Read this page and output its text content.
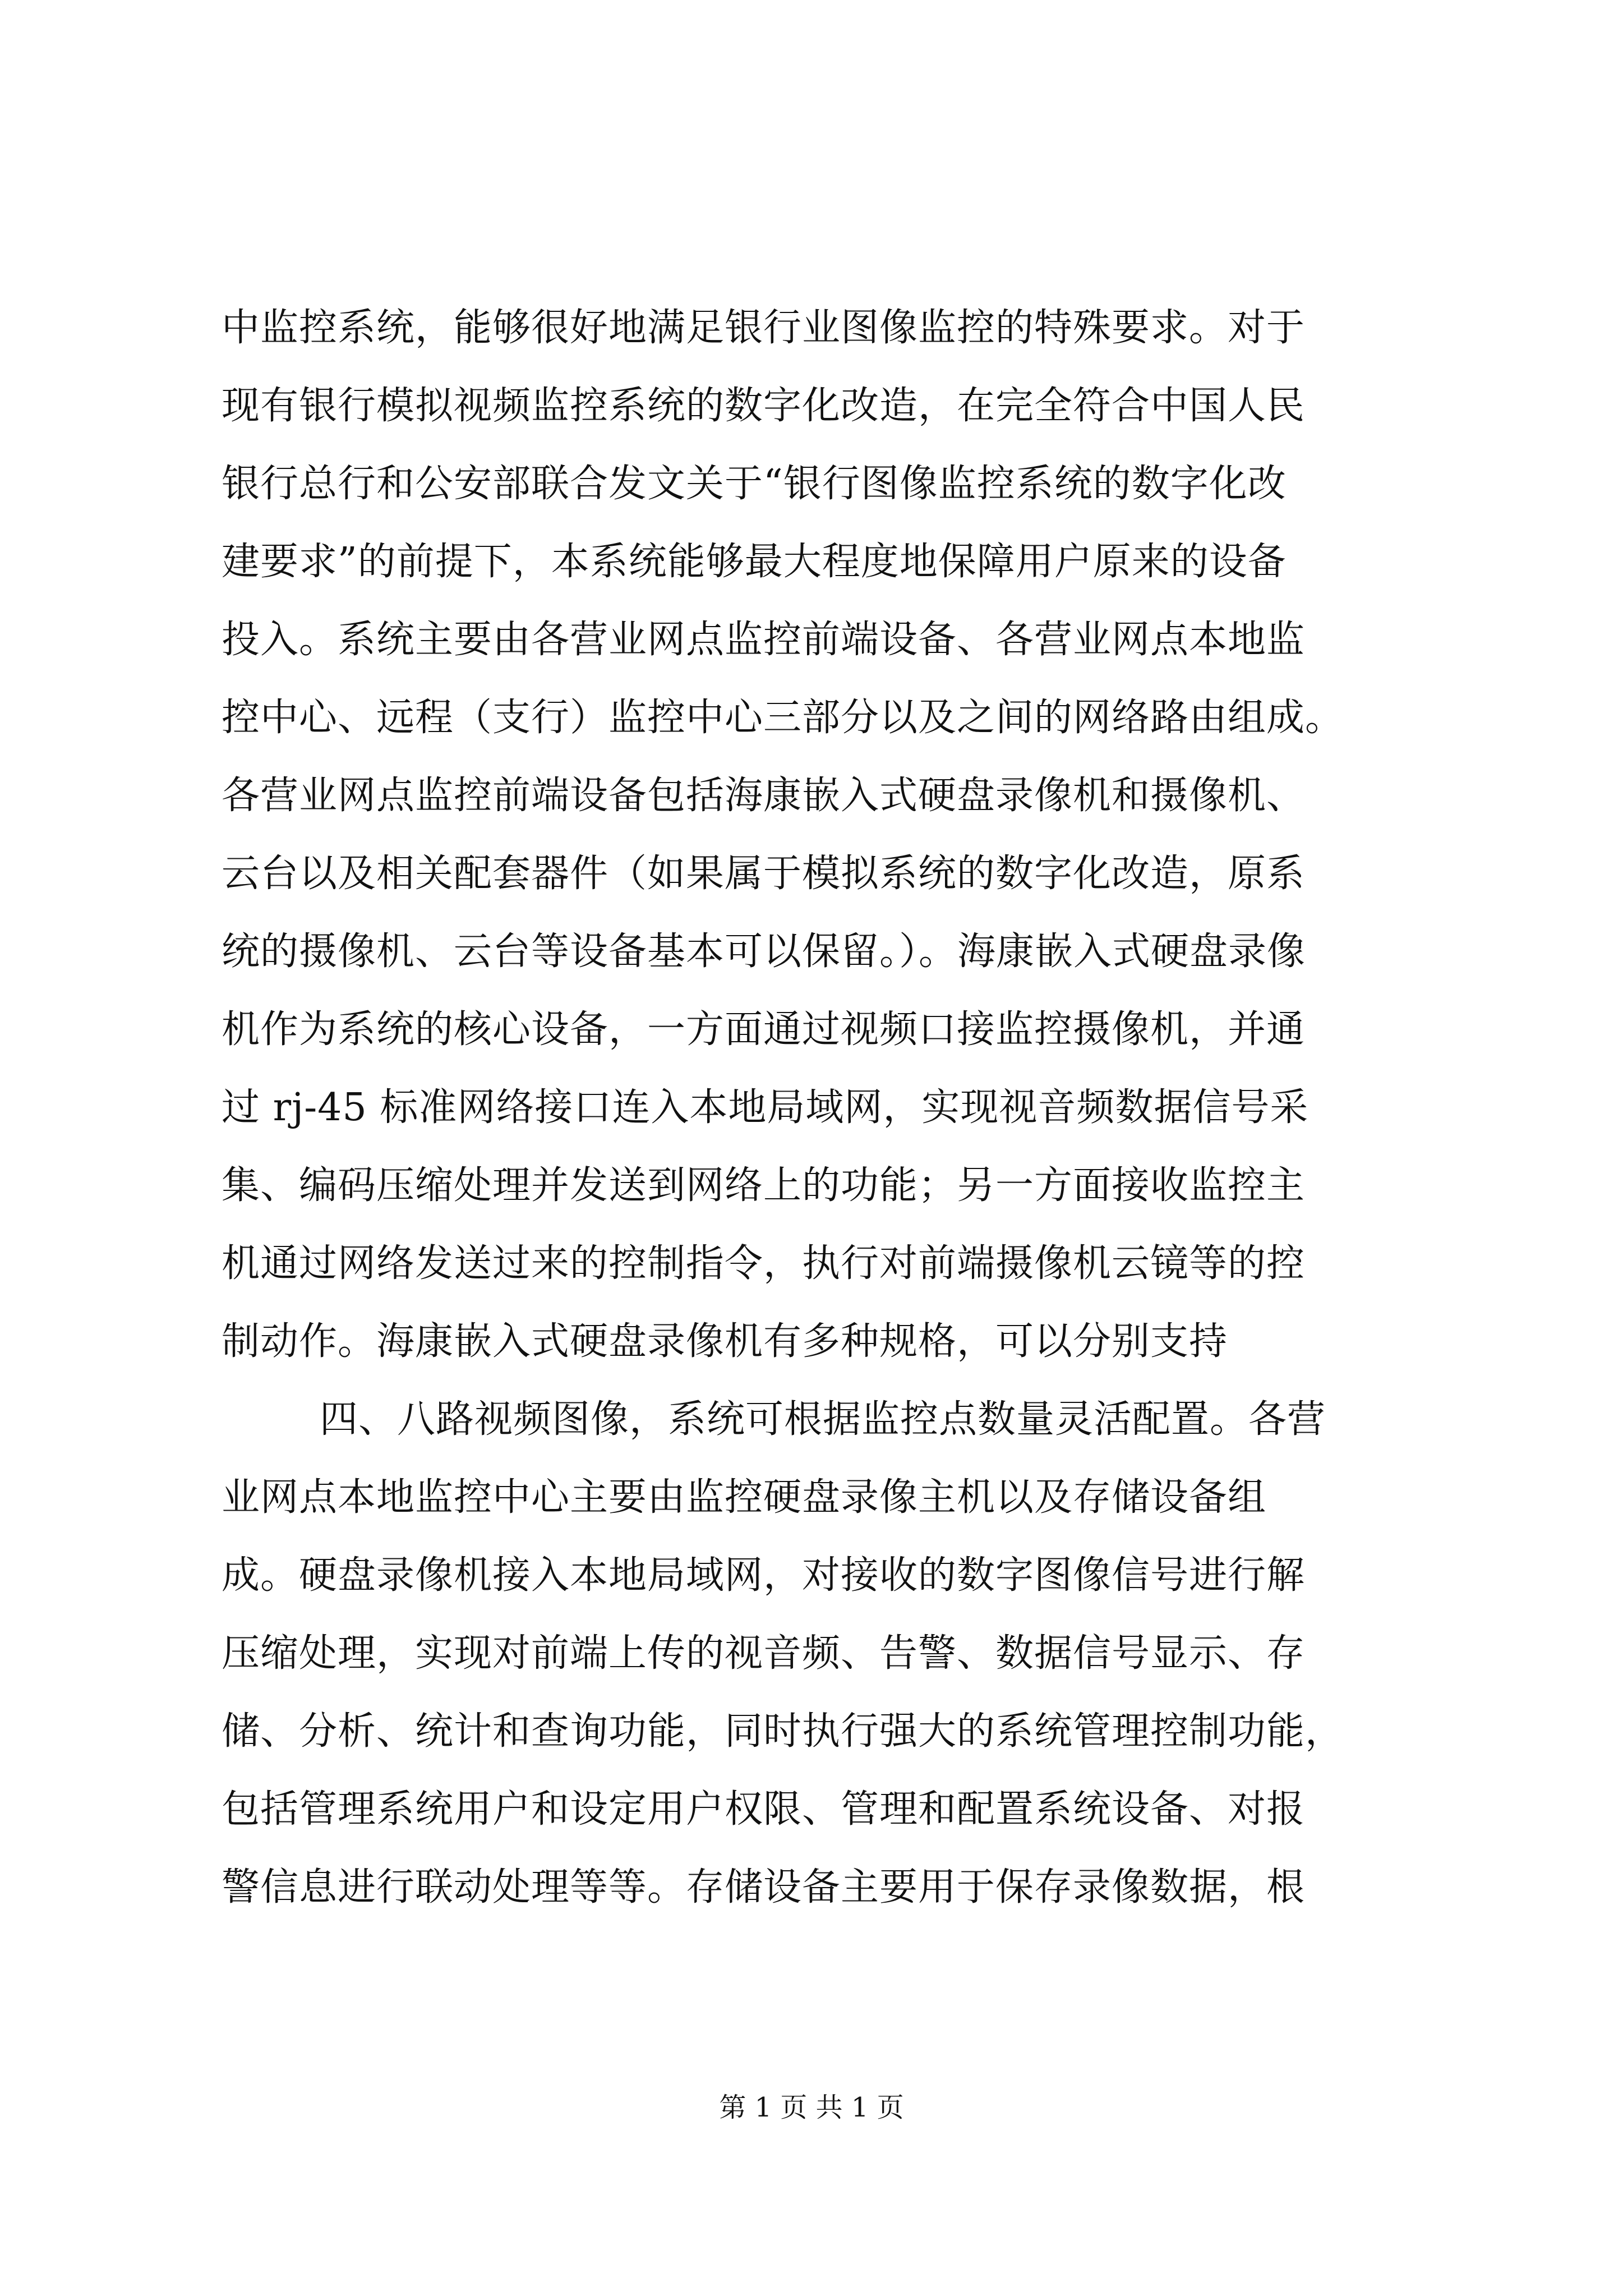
中监控系统，能够很好地满足银行业图像监控的特殊要求。对于
现有银行模拟视频监控系统的数字化改造，在完全符合中国人民
银行总行和公安部联合发文关于“银行图像监控系统的数字化改
建要求”的前提下，本系统能够最大程度地保障用户原来的设备
投入。系统主要由各营业网点监控前端设备、各营业网点本地监
控中心、远程（支行）监控中心三部分以及之间的网络路由组成。
各营业网点监控前端设备包括海康嵌入式硬盘录像机和摄像机、
云台以及相关配套器件（如果属于模拟系统的数字化改造，原系
统的摄像机、云台等设备基本可以保留。）。海康嵌入式硬盘录像
机作为系统的核心设备，一方面通过视频口接监控摄像机，并通
过 rj-45 标准网络接口连入本地局域网，实现视音频数据信号采
集、编码压缩处理并发送到网络上的功能；另一方面接收监控主
机通过网络发送过来的控制指令，执行对前端摄像机云镜等的控
制动作。海康嵌入式硬盘录像机有多种规格，可以分别支持
四、八路视频图像，系统可根据监控点数量灵活配置。各营
业网点本地监控中心主要由监控硬盘录像主机以及存储设备组
成。硬盘录像机接入本地局域网，对接收的数字图像信号进行解
压缩处理，实现对前端上传的视音频、告警、数据信号显示、存
储、分析、统计和查询功能，同时执行强大的系统管理控制功能，
包括管理系统用户和设定用户权限、管理和配置系统设备、对报
警信息进行联动处理等等。存储设备主要用于保存录像数据，根
第 1 页 共 1 页
